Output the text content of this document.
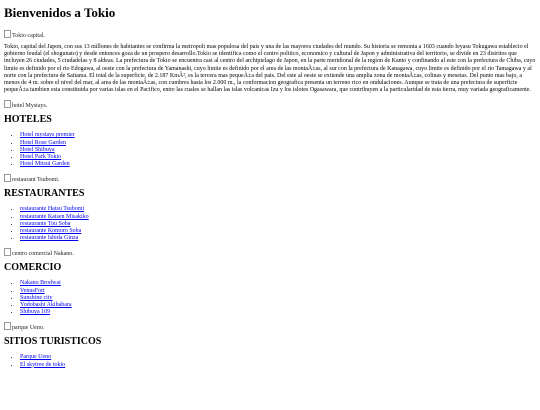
Bienvenidos a Tokio
Tokio capital.

Tokio, capital del Japon, con sus 13 millones de habitantes se confirma la metropoli mas populosa del pais y una de las mayores ciudades del mundo. Su historia se remonta a 1603 cuando Ieyasu Tokugawa establecio el gobierno feudal (el shogunato) y desde entonces goza de un prospero desarrollo.Tokio se identifica como el centro politico, economico y cultural de Japon y administrativa del territorio, se divide en 23 distritos que incluyen 26 ciudades, 5 ciudadelas y 8 aldeas. La prefectura de Tokio se encuentra casi al centro del archipielago de Japon, en la parte meridional de la region de Kanto y confinando al este con la prefectura de Chiba, cuyo limite es definido por el rio Edogawa, al oeste con la prefectura de Yamanashi, cuyo limite es definido por el area de las montaÃ±as, al sur con la prefectura de Kanagawa, cuyo limite es definido por el rio Tamagawa y al norte con la prefectura de Saitama. El total de la superficie, de 2.187 KmÂ², es la tercera mas pequeÃ±a del pais. Del este al oeste se extiende una amplia zona de montaÃ±as, colinas y mesetas. Del punto mas bajo, a menos de 4 m. sobre el nivel del mar, al area de las montaÃ±as, con cumbres hasta los 2.000 m., la conformacion geografica presenta un terreno rico en ondulaciones. Aunque se trata de una prefectura de superficie pequeÃ±a tambien esta constituida por varias islas en el Pacifico, entre las cuales se hallan las islas volcanicas Izu y los islotes Ogasawara, que contribuyen a la particularidad de esta tierra, muy variada geograficamente.

hotel Mystays.
HOTELES
• Hotel mystays premier
• Hotel Rose Garden
• Hotel Shibuya
• Hotel Park Tokio
• Hotel Mitsui Garden
restaurant Tsubomi.
RESTAURANTES
• restaurante Hatsu Tsubomi
• restaurante Kaisen Misakiko
• restaurante Tou Soba
• restaurante Komoro Soba
• restaurante Ishida Ginza
centro comercial Nakano.
COMERCIO
• Nakano Brodwai
• VenusFort
• Sunshine city
• Yodobashi Akihabara
• Shibuya 109
parque Ueno.
SITIOS TURISTICOS
• Parque Ueno
• El skytree de tokio
